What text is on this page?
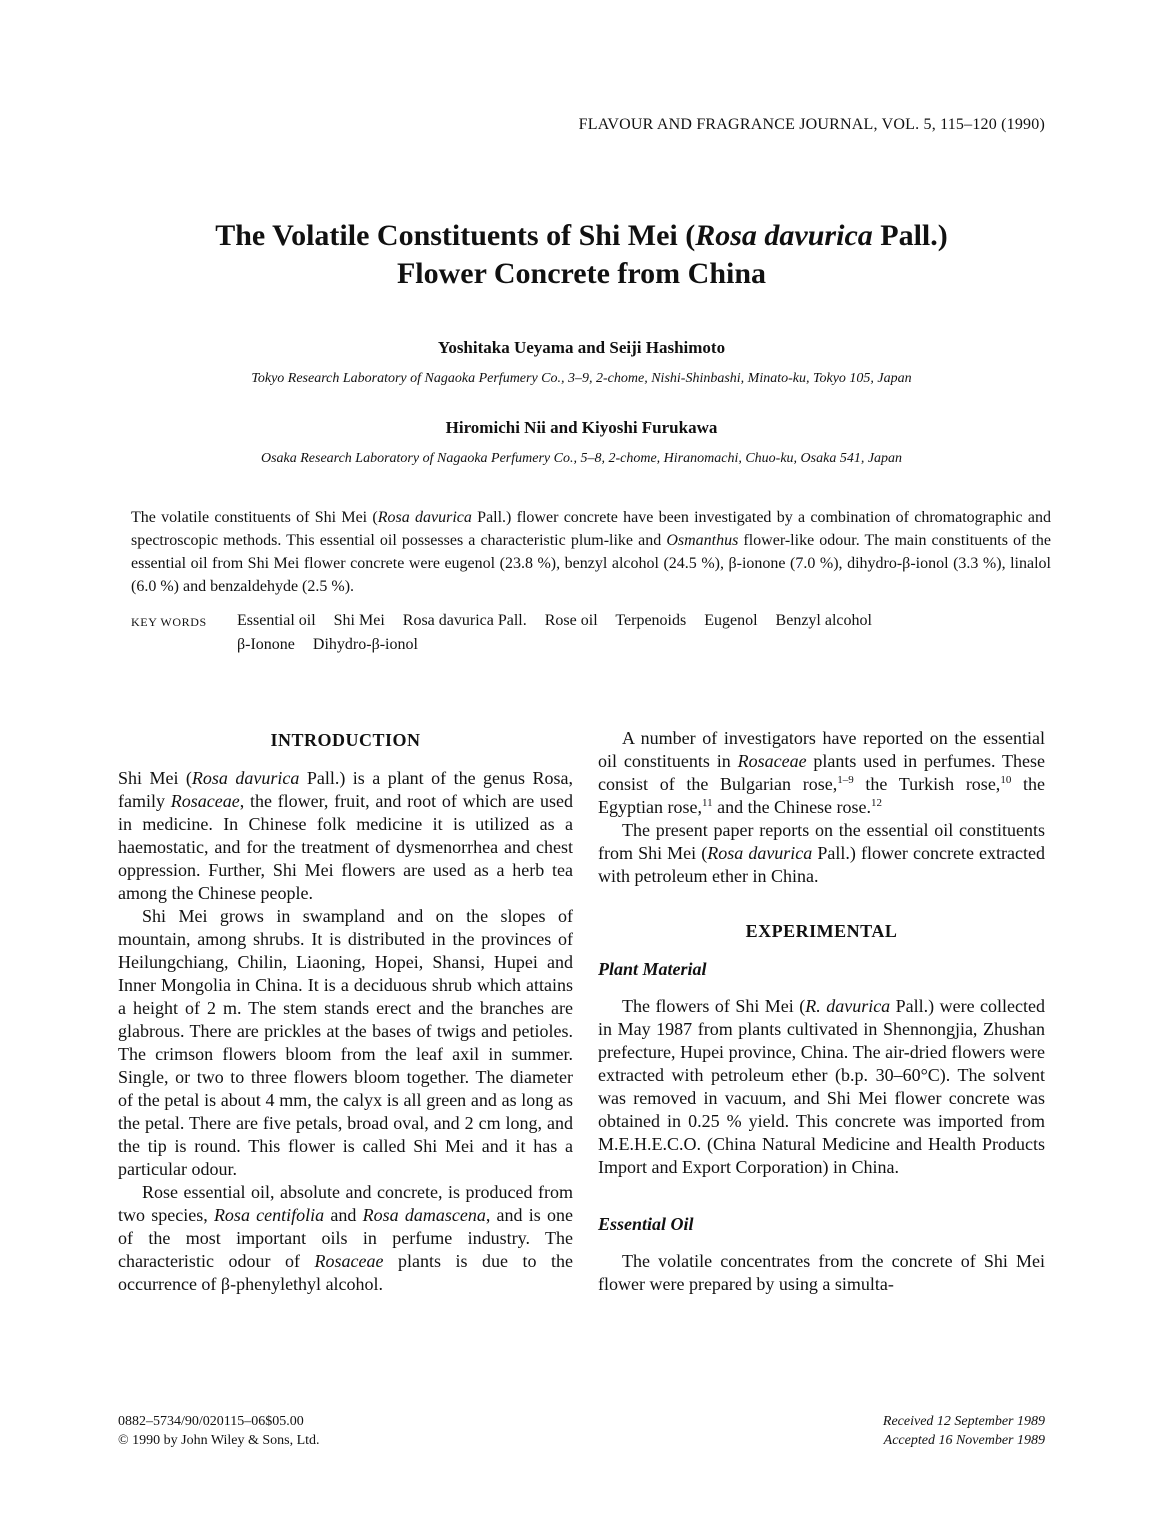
FLAVOUR AND FRAGRANCE JOURNAL, VOL. 5, 115–120 (1990)
The Volatile Constituents of Shi Mei (Rosa davurica Pall.)
Flower Concrete from China
Yoshitaka Ueyama and Seiji Hashimoto
Tokyo Research Laboratory of Nagaoka Perfumery Co., 3–9, 2-chome, Nishi-Shinbashi, Minato-ku, Tokyo 105, Japan
Hiromichi Nii and Kiyoshi Furukawa
Osaka Research Laboratory of Nagaoka Perfumery Co., 5–8, 2-chome, Hiranomachi, Chuo-ku, Osaka 541, Japan

The volatile constituents of Shi Mei (Rosa davurica Pall.) flower concrete have been investigated by a combination of chromatographic and spectroscopic methods. This essential oil possesses a characteristic plum-like and Osmanthus flower-like odour. The main constituents of the essential oil from Shi Mei flower concrete were eugenol (23.8 %), benzyl alcohol (24.5 %), β-ionone (7.0 %), dihydro-β-ionol (3.3 %), linalol (6.0 %) and benzaldehyde (2.5 %).

KEY WORDS Essential oil Shi Mei Rosa davurica Pall. Rose oil Terpenoids Eugenol Benzyl alcohol
β-Ionone Dihydro-β-ionol
INTRODUCTION

Shi Mei (Rosa davurica Pall.) is a plant of the genus Rosa, family Rosaceae, the flower, fruit, and root of which are used in medicine. In Chinese folk medicine it is utilized as a haemostatic, and for the treatment of dysmenorrhea and chest oppression. Further, Shi Mei flowers are used as a herb tea among the Chinese people.

Shi Mei grows in swampland and on the slopes of mountain, among shrubs. It is distributed in the provinces of Heilungchiang, Chilin, Liaoning, Hopei, Shansi, Hupei and Inner Mongolia in China. It is a deciduous shrub which attains a height of 2 m. The stem stands erect and the branches are glabrous. There are prickles at the bases of twigs and petioles. The crimson flowers bloom from the leaf axil in summer. Single, or two to three flowers bloom together. The diameter of the petal is about 4 mm, the calyx is all green and as long as the petal. There are five petals, broad oval, and 2 cm long, and the tip is round. This flower is called Shi Mei and it has a particular odour.

Rose essential oil, absolute and concrete, is produced from two species, Rosa centifolia and Rosa damascena, and is one of the most important oils in perfume industry. The characteristic odour of Rosaceae plants is due to the occurrence of β-phenylethyl alcohol.

A number of investigators have reported on the essential oil constituents in Rosaceae plants used in perfumes. These consist of the Bulgarian rose,$^{1-9}$ the Turkish rose,$^{10}$ the Egyptian rose,$^{11}$ and the Chinese rose.$^{12}$

The present paper reports on the essential oil constituents from Shi Mei (Rosa davurica Pall.) flower concrete extracted with petroleum ether in China.

EXPERIMENTAL
Plant Material

The flowers of Shi Mei (R. davurica Pall.) were collected in May 1987 from plants cultivated in Shennongjia, Zhushan prefecture, Hupei province, China. The air-dried flowers were extracted with petroleum ether (b.p. 30–60°C). The solvent was removed in vacuum, and Shi Mei flower concrete was obtained in 0.25 % yield. This concrete was imported from M.E.H.E.C.O. (China Natural Medicine and Health Products Import and Export Corporation) in China.

Essential Oil

The volatile concentrates from the concrete of Shi Mei flower were prepared by using a simulta-

0882–5734/90/020115–06$05.00
© 1990 by John Wiley & Sons, Ltd.
Received 12 September 1989
Accepted 16 November 1989
